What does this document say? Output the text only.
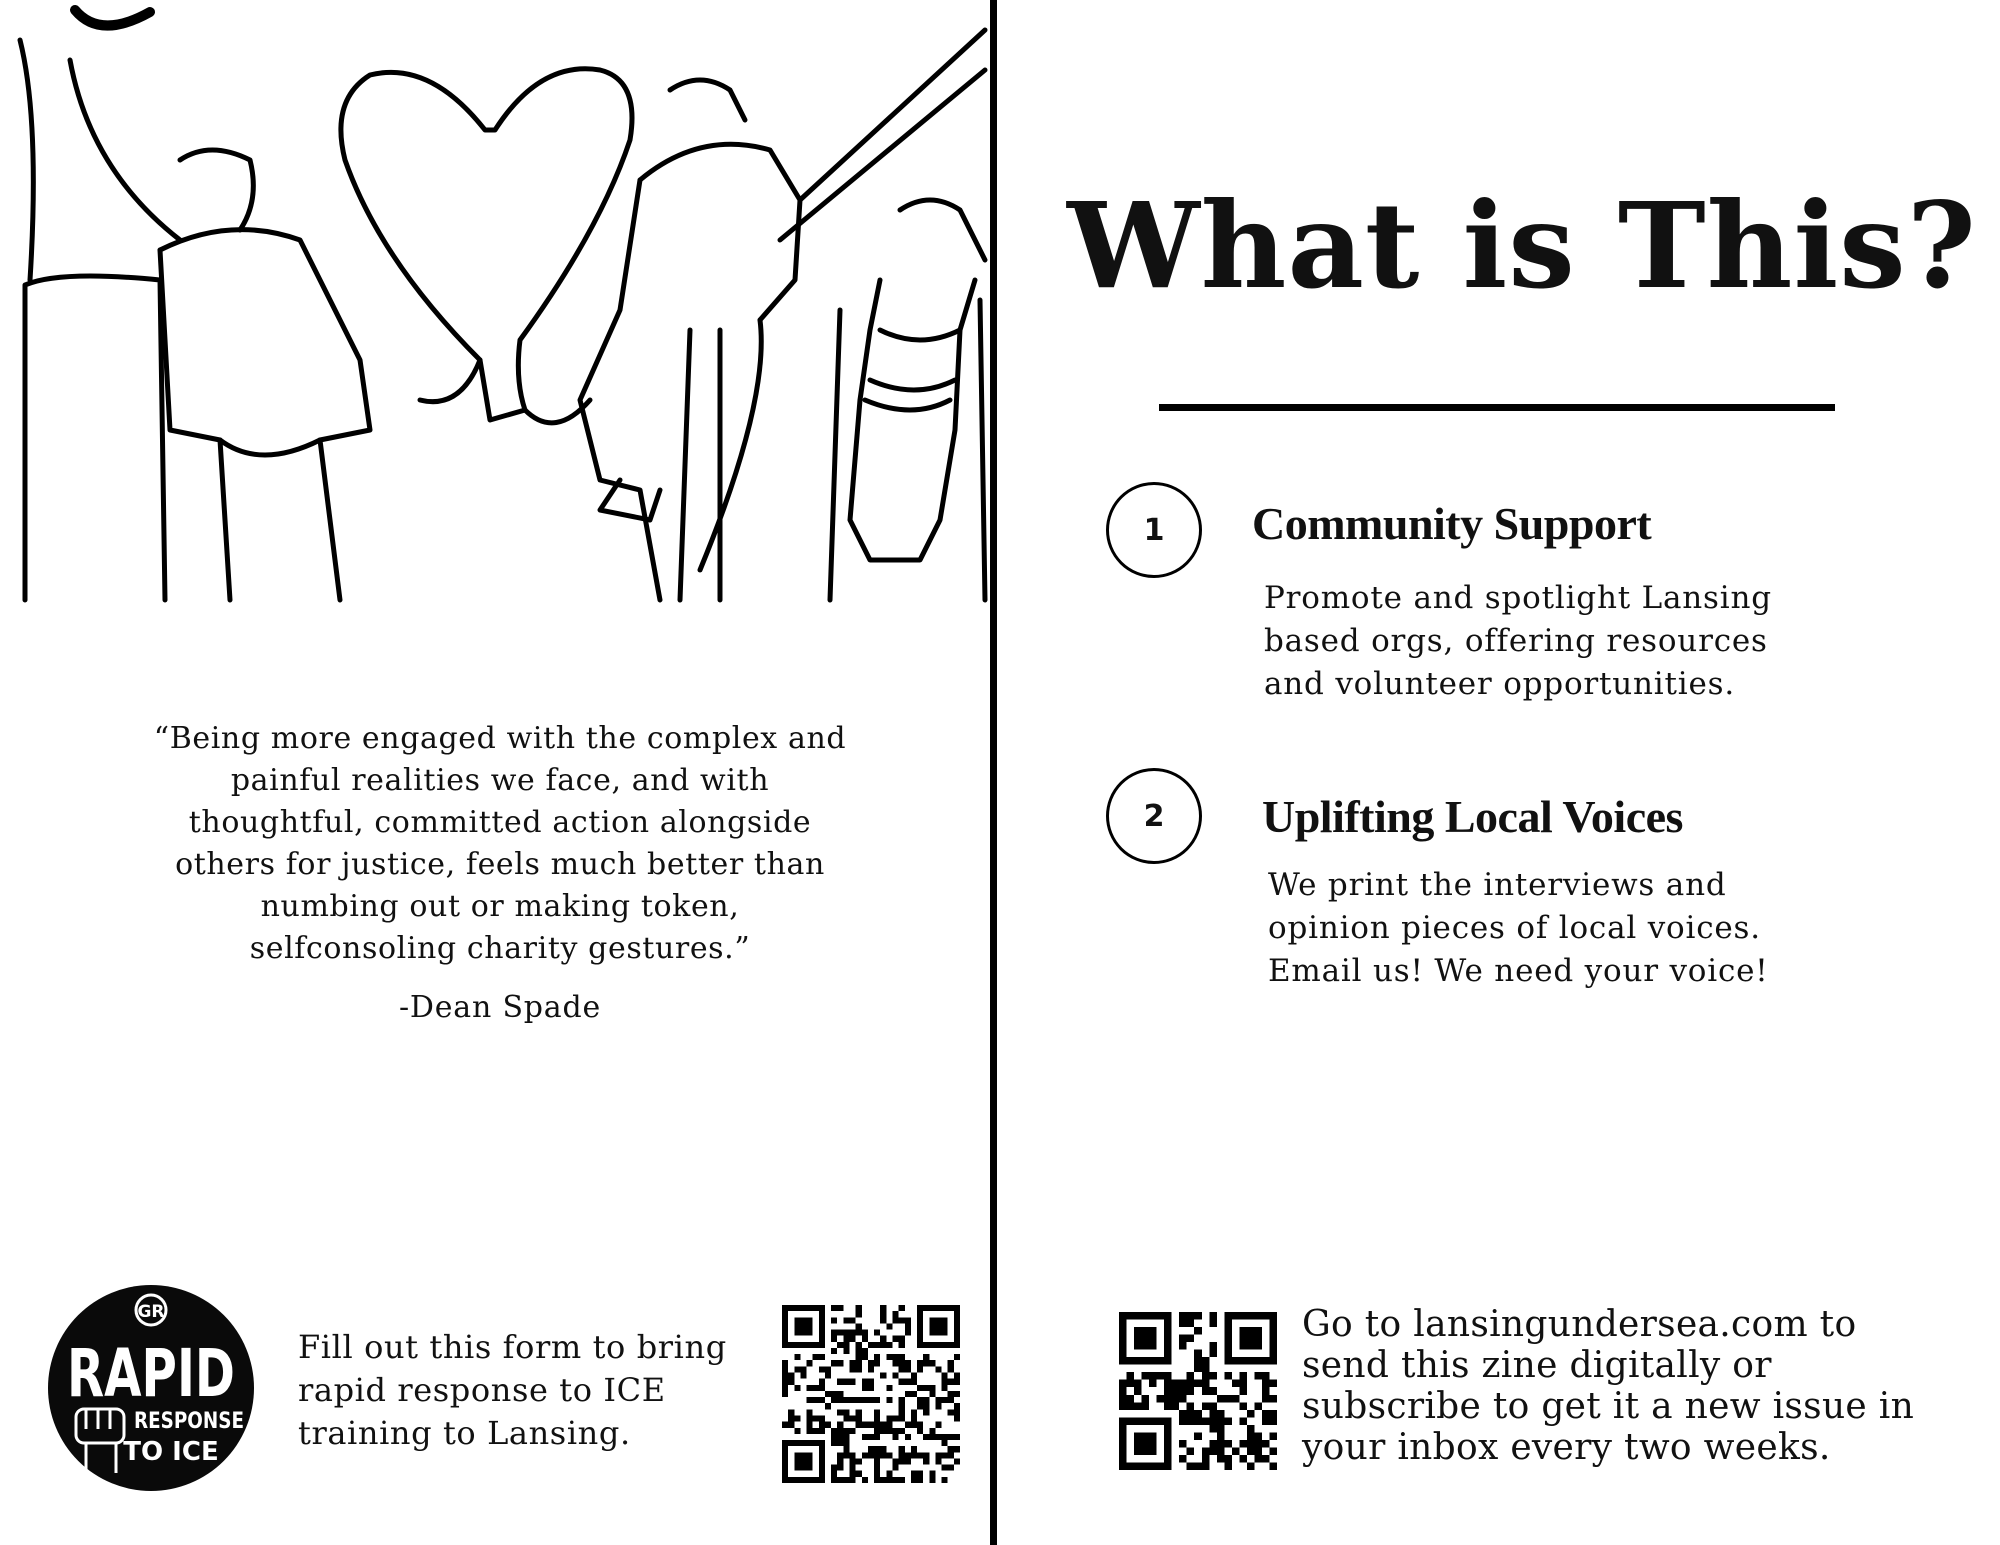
“Being more engaged with the complex and
painful realities we face, and with
thoughtful, committed action alongside
others for justice, feels much better than
numbing out or making token,
selfconsoling charity gestures.”

-Dean Spade
GR
RAPID
RESPONSE
TO ICE
Fill out this form to bring
rapid response to ICE
training to Lansing.
What is This?
1	Community Support
Promote and spotlight Lansing
based orgs, offering resources
and volunteer opportunities.
2	Uplifting Local Voices
We print the interviews and
opinion pieces of local voices.
Email us! We need your voice!
Go to lansingundersea.com to
send this zine digitally or
subscribe to get it a new issue in
your inbox every two weeks.
